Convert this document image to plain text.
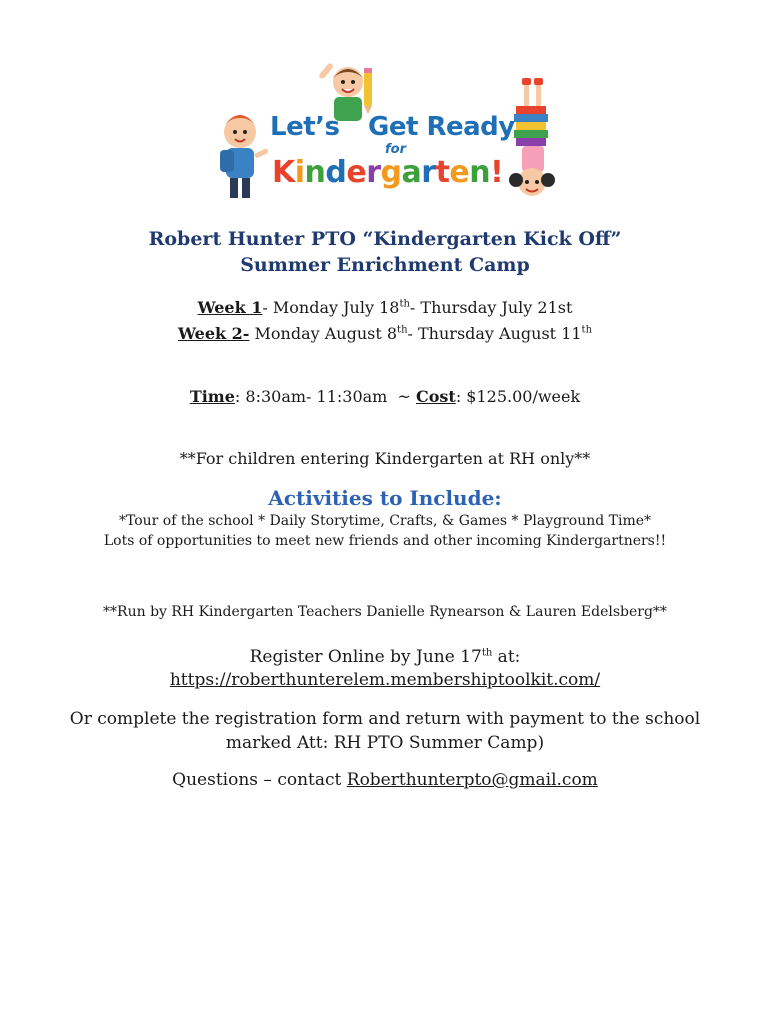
Let’s Get Ready
for
Kindergarten!
Robert Hunter PTO “Kindergarten Kick Off”
Summer Enrichment Camp
Week 1- Monday July 18th- Thursday July 21st
Week 2- Monday August 8th- Thursday August 11th
Time: 8:30am- 11:30am  ~ Cost: $125.00/week
**For children entering Kindergarten at RH only**
Activities to Include:
*Tour of the school * Daily Storytime, Crafts, & Games * Playground Time*
Lots of opportunities to meet new friends and other incoming Kindergartners!!
**Run by RH Kindergarten Teachers Danielle Rynearson & Lauren Edelsberg**
Register Online by June 17th at:
https://roberthunterelem.membershiptoolkit.com/
Or complete the registration form and return with payment to the school
marked Att: RH PTO Summer Camp)
Questions – contact Roberthunterpto@gmail.com
